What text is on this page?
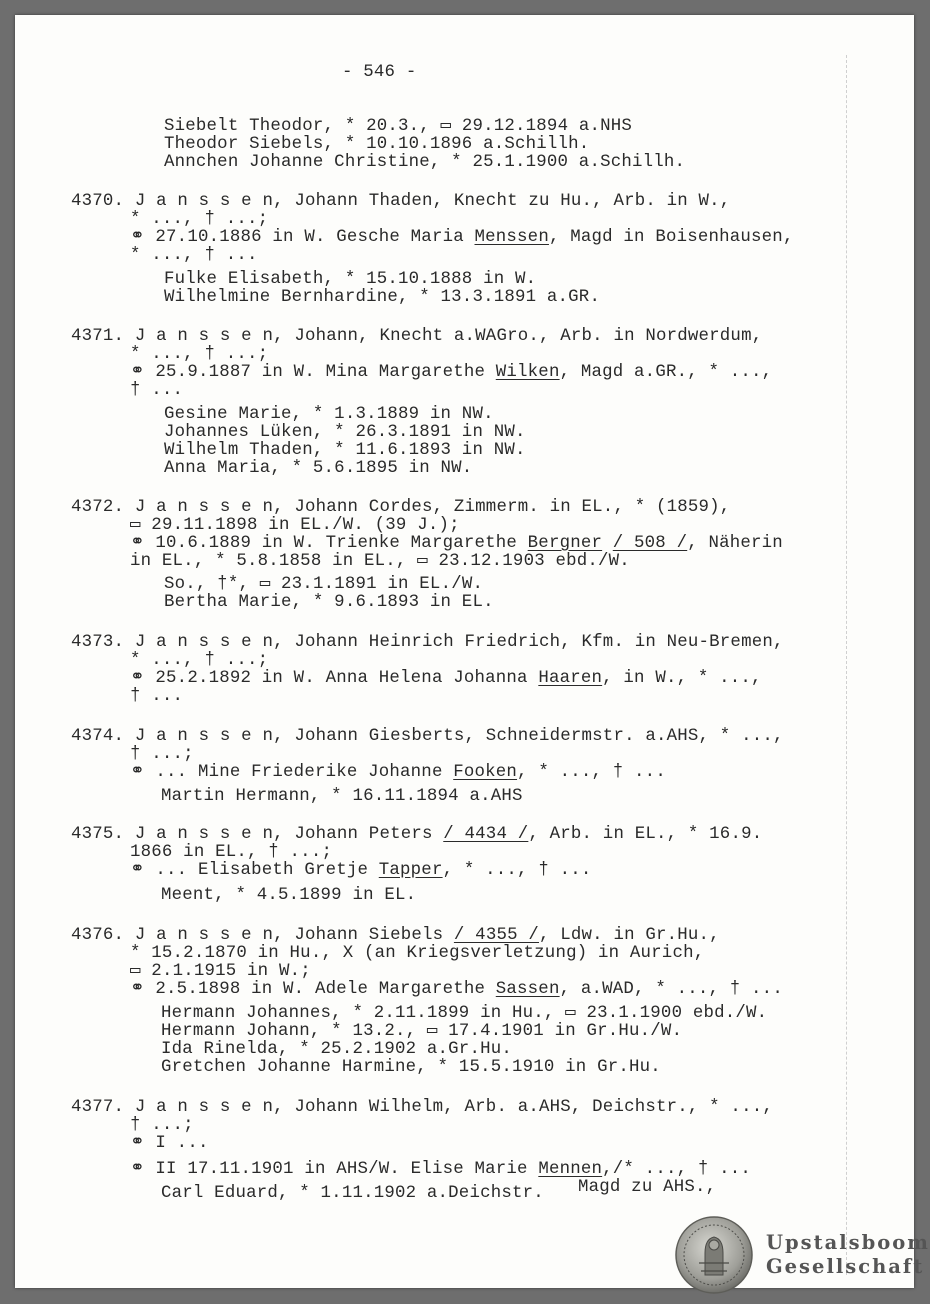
- 546 -
Siebelt Theodor, * 20.3., ▭ 29.12.1894 a.NHS
Theodor Siebels, * 10.10.1896 a.Schillh.
Annchen Johanne Christine, * 25.1.1900 a.Schillh.
4370. J a n s s e n, Johann Thaden, Knecht zu Hu., Arb. in W.,
* ..., † ...;
⚭ 27.10.1886 in W. Gesche Maria Menssen, Magd in Boisenhausen,
* ..., † ...
Fulke Elisabeth, * 15.10.1888 in W.
Wilhelmine Bernhardine, * 13.3.1891 a.GR.
4371. J a n s s e n, Johann, Knecht a.WAGro., Arb. in Nordwerdum,
* ..., † ...;
⚭ 25.9.1887 in W. Mina Margarethe Wilken, Magd a.GR., * ...,
† ...
Gesine Marie, * 1.3.1889 in NW.
Johannes Lüken, * 26.3.1891 in NW.
Wilhelm Thaden, * 11.6.1893 in NW.
Anna Maria, * 5.6.1895 in NW.
4372. J a n s s e n, Johann Cordes, Zimmerm. in EL., * (1859),
▭ 29.11.1898 in EL./W. (39 J.);
⚭ 10.6.1889 in W. Trienke Margarethe Bergner / 508 /, Näherin
in EL., * 5.8.1858 in EL., ▭ 23.12.1903 ebd./W.
So., †*, ▭ 23.1.1891 in EL./W.
Bertha Marie, * 9.6.1893 in EL.
4373. J a n s s e n, Johann Heinrich Friedrich, Kfm. in Neu-Bremen,
* ..., † ...;
⚭ 25.2.1892 in W. Anna Helena Johanna Haaren, in W., * ...,
† ...
4374. J a n s s e n, Johann Giesberts, Schneidermstr. a.AHS, * ...,
† ...;
⚭ ... Mine Friederike Johanne Fooken, * ..., † ...
Martin Hermann, * 16.11.1894 a.AHS
4375. J a n s s e n, Johann Peters / 4434 /, Arb. in EL., * 16.9.
1866 in EL., † ...;
⚭ ... Elisabeth Gretje Tapper, * ..., † ...
Meent, * 4.5.1899 in EL.
4376. J a n s s e n, Johann Siebels / 4355 /, Ldw. in Gr.Hu.,
* 15.2.1870 in Hu., X (an Kriegsverletzung) in Aurich,
▭ 2.1.1915 in W.;
⚭ 2.5.1898 in W. Adele Margarethe Sassen, a.WAD, * ..., † ...
Hermann Johannes, * 2.11.1899 in Hu., ▭ 23.1.1900 ebd./W.
Hermann Johann, * 13.2., ▭ 17.4.1901 in Gr.Hu./W.
Ida Rinelda, * 25.2.1902 a.Gr.Hu.
Gretchen Johanne Harmine, * 15.5.1910 in Gr.Hu.
4377. J a n s s e n, Johann Wilhelm, Arb. a.AHS, Deichstr., * ...,
† ...;
⚭ I ...
⚭ II 17.11.1901 in AHS/W. Elise Marie Mennen,/* ..., † ...
Magd zu AHS.,
Carl Eduard, * 1.11.1902 a.Deichstr.
Upstalsboom
Gesellschaft
